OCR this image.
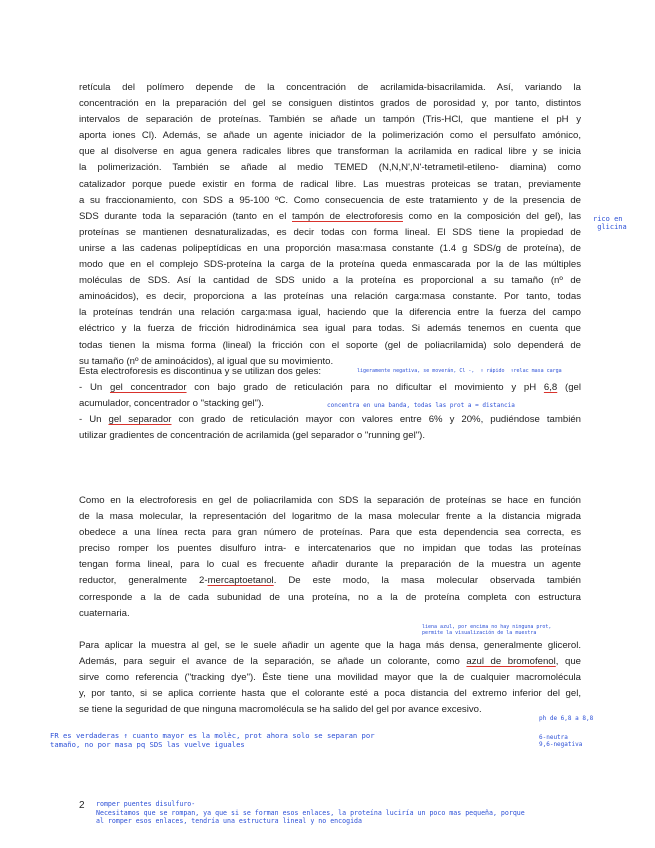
retícula del polímero depende de la concentración de acrilamida-bisacrilamida. Así, variando la
concentración en la preparación del gel se consiguen distintos grados de porosidad y, por tanto, distintos
intervalos de separación de proteínas. También se añade un tampón (Tris-HCl, que mantiene el pH y
aporta iones Cl). Además, se añade un agente iniciador de la polimerización como el persulfato amónico,
que al disolverse en agua genera radicales libres que transforman la acrilamida en radical libre y se inicia
la polimerización. También se añade al medio TEMED (N,N,N',N'-tetrametil-etileno- diamina) como
catalizador porque puede existir en forma de radical libre. Las muestras proteicas se tratan, previamente
a su fraccionamiento, con SDS a 95-100 ºC. Como consecuencia de este tratamiento y de la presencia de
SDS durante toda la separación (tanto en el tampón de electroforesis como en la composición del gel), las
proteínas se mantienen desnaturalizadas, es decir todas con forma lineal. El SDS tiene la propiedad de
unirse a las cadenas polipeptídicas en una proporción masa:masa constante (1.4 g SDS/g de proteína), de
modo que en el complejo SDS-proteína la carga de la proteína queda enmascarada por la de las múltiples
moléculas de SDS. Así la cantidad de SDS unido a la proteína es proporcional a su tamaño (nº de
aminoácidos), es decir, proporciona a las proteínas una relación carga:masa constante. Por tanto, todas
la proteínas tendrán una relación carga:masa igual, haciendo que la diferencia entre la fuerza del campo
eléctrico y la fuerza de fricción hidrodinámica sea igual para todas. Si además tenemos en cuenta que
todas tienen la misma forma (lineal) la fricción con el soporte (gel de poliacrilamida) solo dependerá de
su tamaño (nº de aminoácidos), al igual que su movimiento.
Esta electroforesis es discontinua y se utilizan dos geles:
- Un gel concentrador con bajo grado de reticulación para no dificultar el movimiento y pH 6,8 (gel
acumulador, concentrador o "stacking gel").
- Un gel separador con grado de reticulación mayor con valores entre 6% y 20%, pudiéndose también
utilizar gradientes de concentración de acrilamida (gel separador o "running gel").
Como en la electroforesis en gel de poliacrilamida con SDS la separación de proteínas se hace en función
de la masa molecular, la representación del logaritmo de la masa molecular frente a la distancia migrada
obedece a una línea recta para gran número de proteínas. Para que esta dependencia sea correcta, es
preciso romper los puentes disulfuro intra- e intercatenarios que no impidan que todas las proteínas
tengan forma lineal, para lo cual es frecuente añadir durante la preparación de la muestra un agente
reductor, generalmente 2-mercaptoetanol. De este modo, la masa molecular observada también
corresponde a la de cada subunidad de una proteína, no a la de proteína completa con estructura
cuaternaria.
Para aplicar la muestra al gel, se le suele añadir un agente que la haga más densa, generalmente glicerol.
Además, para seguir el avance de la separación, se añade un colorante, como azul de bromofenol, que
sirve como referencia ("tracking dye"). Éste tiene una movilidad mayor que la de cualquier macromolécula
y, por tanto, si se aplica corriente hasta que el colorante esté a poca distancia del extremo inferior del gel,
se tiene la seguridad de que ninguna macromolécula se ha salido del gel por avance excesivo.
rico en
glicina
ligeramente negativa, se moverán, Cl -,  ↑ rápido  ↑relac masa carga
concentra en una banda, todas las prot a = distancia
liena azul, por encima no hay ninguna prot,
permite la visualización de la muestra
ph de 6,8 a 8,8
6-neutra
9,6-negativa
FR es verdaderas ↑ cuanto mayor es la molèc, prot ahora solo se separan por
tamaño, no por masa pq SDS las vuelve iguales
2 romper puentes disulfuro-
Necesitamos que se rompan, ya que si se forman esos enlaces, la proteína luciría un poco mas pequeña, porque
al romper esos enlaces, tendría una estructura lineal y no encogida
